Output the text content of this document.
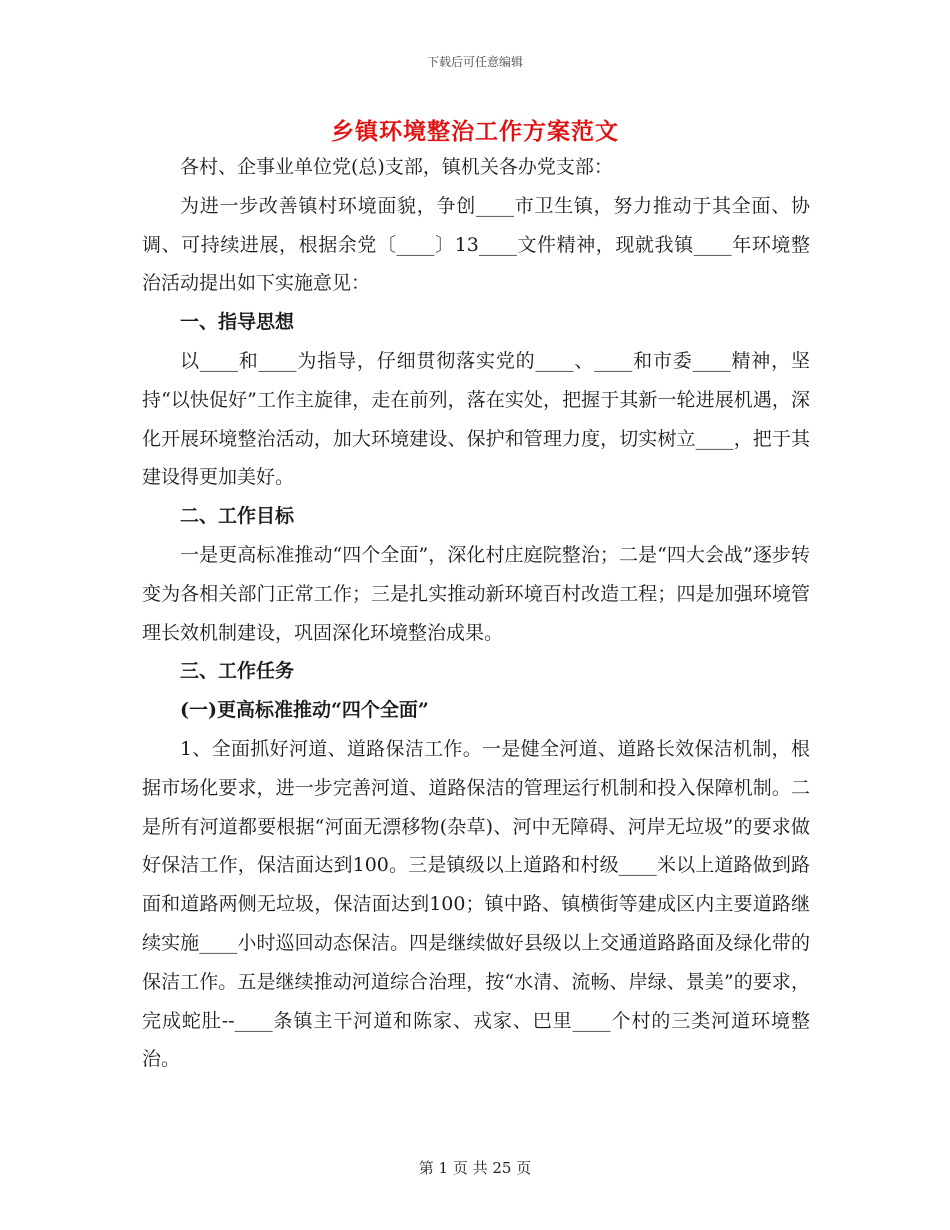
下载后可任意编辑
乡镇环境整治工作方案范文

各村、企事业单位党(总)支部，镇机关各办党支部：

为进一步改善镇村环境面貌，争创____市卫生镇，努力推动于其全面、协调、可持续进展，根据余党〔____〕13____文件精神，现就我镇____年环境整治活动提出如下实施意见：

一、指导思想

以____和____为指导，仔细贯彻落实党的____、____和市委____精神，坚持“以快促好”工作主旋律，走在前列，落在实处，把握于其新一轮进展机遇，深化开展环境整治活动，加大环境建设、保护和管理力度，切实树立____，把于其建设得更加美好。

二、工作目标

一是更高标准推动“四个全面”，深化村庄庭院整治；二是“四大会战”逐步转变为各相关部门正常工作；三是扎实推动新环境百村改造工程；四是加强环境管理长效机制建设，巩固深化环境整治成果。

三、工作任务

(一)更高标准推动“四个全面”

1、全面抓好河道、道路保洁工作。一是健全河道、道路长效保洁机制，根据市场化要求，进一步完善河道、道路保洁的管理运行机制和投入保障机制。二是所有河道都要根据“河面无漂移物(杂草)、河中无障碍、河岸无垃圾”的要求做好保洁工作，保洁面达到100。三是镇级以上道路和村级____米以上道路做到路面和道路两侧无垃圾，保洁面达到100；镇中路、镇横街等建成区内主要道路继续实施____小时巡回动态保洁。四是继续做好县级以上交通道路路面及绿化带的保洁工作。五是继续推动河道综合治理，按“水清、流畅、岸绿、景美”的要求，完成蛇肚--____条镇主干河道和陈家、戎家、巴里____个村的三类河道环境整治。

第 1 页 共 25 页
